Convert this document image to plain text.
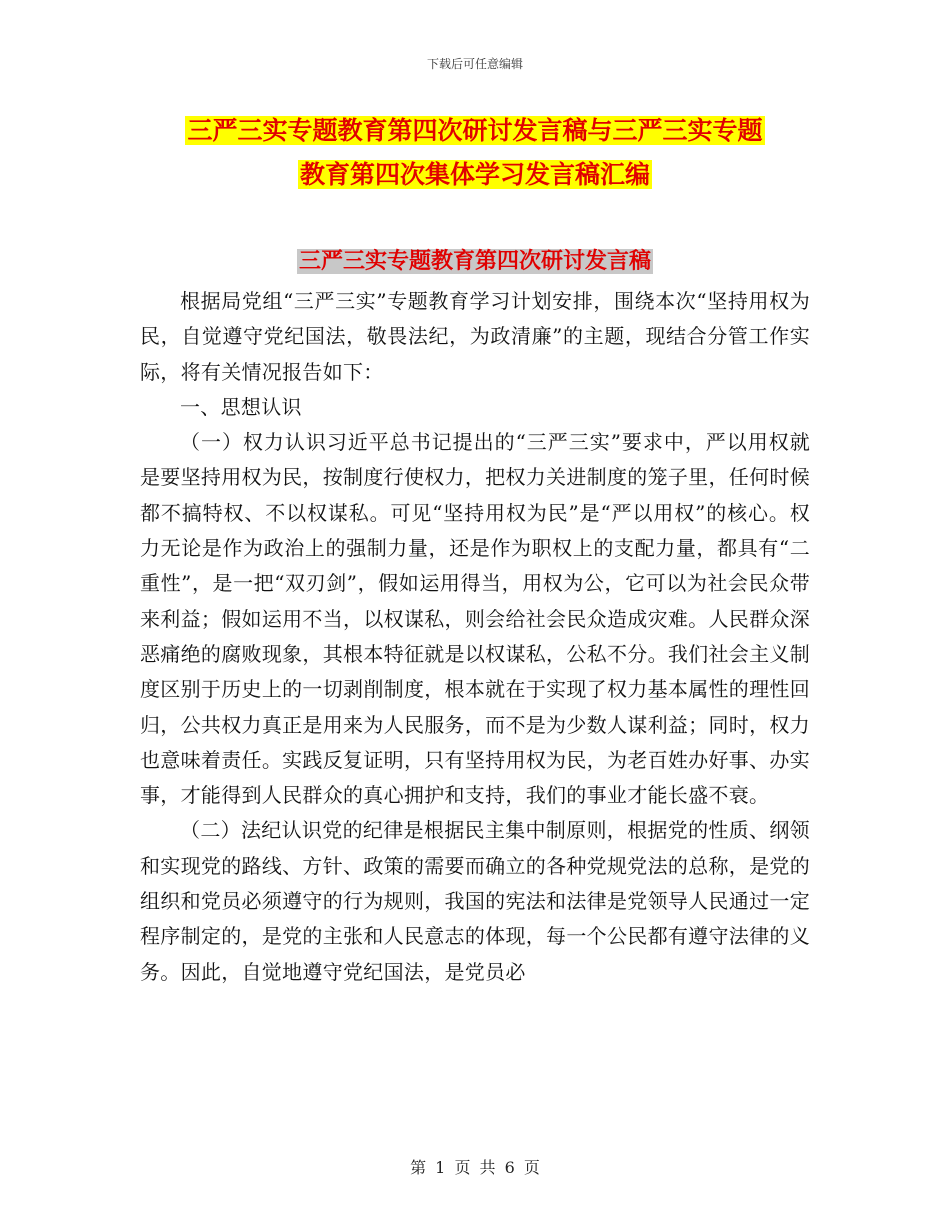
下载后可任意编辑
三严三实专题教育第四次研讨发言稿与三严三实专题
教育第四次集体学习发言稿汇编
三严三实专题教育第四次研讨发言稿

根据局党组“三严三实”专题教育学习计划安排，围绕本次“坚持用权为民，自觉遵守党纪国法，敬畏法纪，为政清廉”的主题，现结合分管工作实际，将有关情况报告如下：

一、思想认识

（一）权力认识习近平总书记提出的“三严三实”要求中，严以用权就是要坚持用权为民，按制度行使权力，把权力关进制度的笼子里，任何时候都不搞特权、不以权谋私。可见“坚持用权为民”是“严以用权”的核心。权力无论是作为政治上的强制力量，还是作为职权上的支配力量，都具有“二重性”，是一把“双刃剑”，假如运用得当，用权为公，它可以为社会民众带来利益；假如运用不当，以权谋私，则会给社会民众造成灾难。人民群众深恶痛绝的腐败现象，其根本特征就是以权谋私，公私不分。我们社会主义制度区别于历史上的一切剥削制度，根本就在于实现了权力基本属性的理性回归，公共权力真正是用来为人民服务，而不是为少数人谋利益；同时，权力也意味着责任。实践反复证明，只有坚持用权为民，为老百姓办好事、办实事，才能得到人民群众的真心拥护和支持，我们的事业才能长盛不衰。

（二）法纪认识党的纪律是根据民主集中制原则，根据党的性质、纲领和实现党的路线、方针、政策的需要而确立的各种党规党法的总称，是党的组织和党员必须遵守的行为规则，我国的宪法和法律是党领导人民通过一定程序制定的，是党的主张和人民意志的体现，每一个公民都有遵守法律的义务。因此，自觉地遵守党纪国法，是党员必

第 1 页 共 6 页
